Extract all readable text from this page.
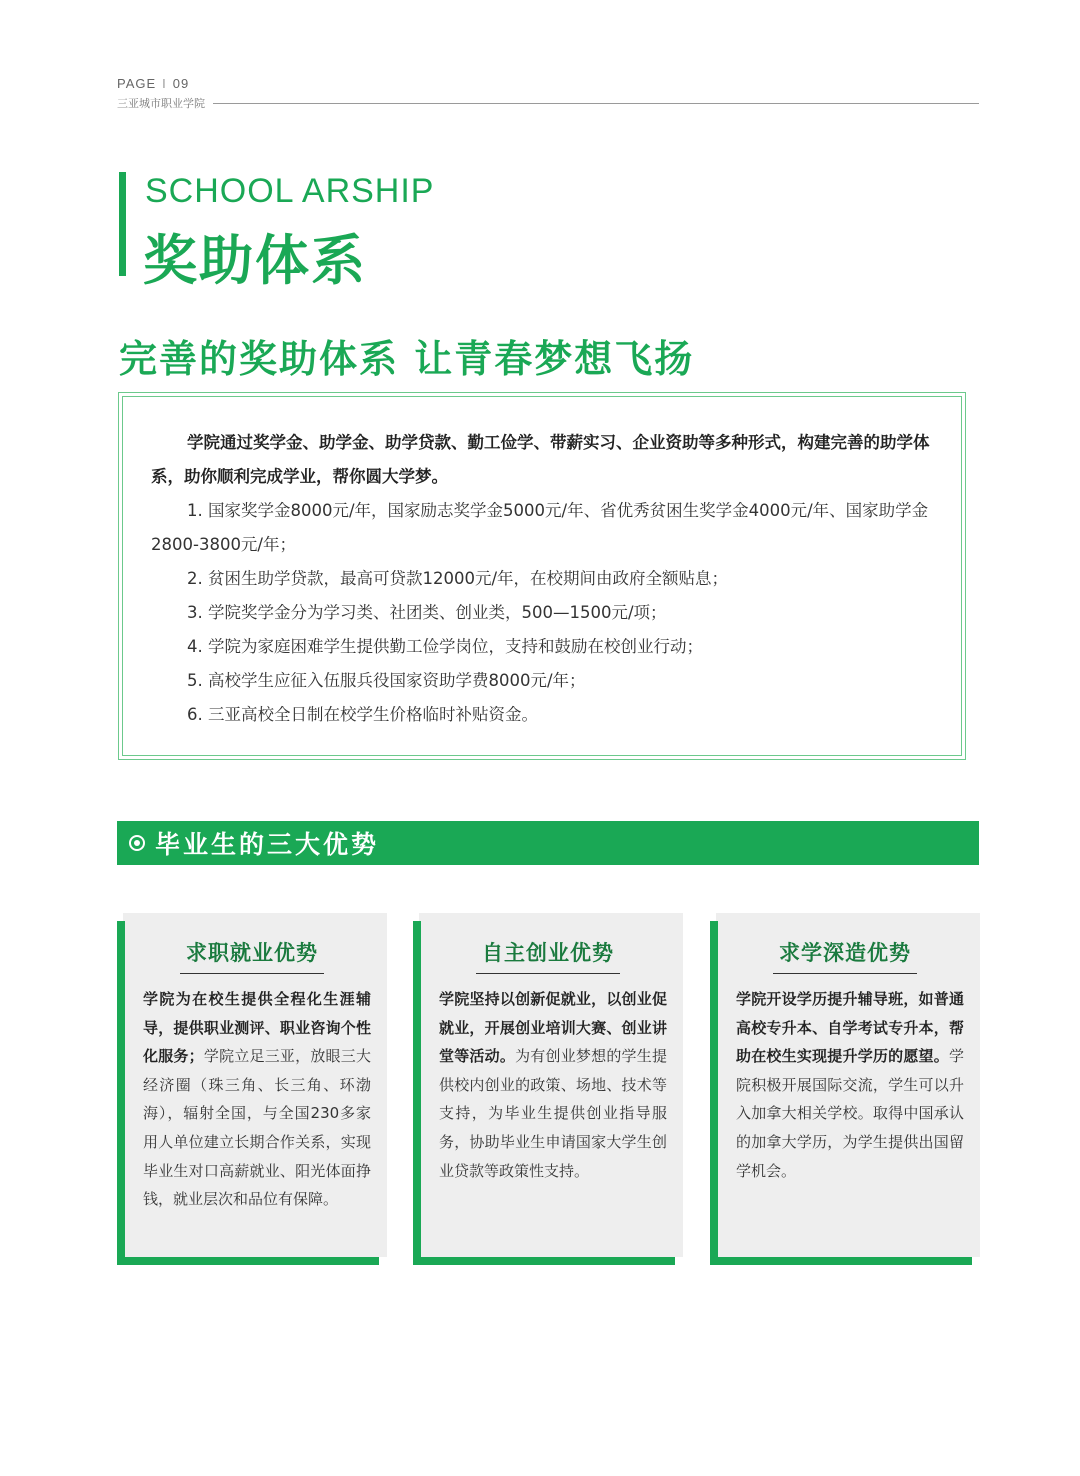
PAGE I 09
三亚城市职业学院
SCHOOL ARSHIP
奖助体系
完善的奖助体系 让青春梦想飞扬

学院通过奖学金、助学金、助学贷款、勤工俭学、带薪实习、企业资助等多种形式，构建完善的助学体系，助你顺利完成学业，帮你圆大学梦。

1. 国家奖学金8000元/年，国家励志奖学金5000元/年、省优秀贫困生奖学金4000元/年、国家助学金2800-3800元/年；

2. 贫困生助学贷款，最高可贷款12000元/年，在校期间由政府全额贴息；

3. 学院奖学金分为学习类、社团类、创业类，500—1500元/项；

4. 学院为家庭困难学生提供勤工俭学岗位，支持和鼓励在校创业行动；

5. 高校学生应征入伍服兵役国家资助学费8000元/年；

6. 三亚高校全日制在校学生价格临时补贴资金。

毕业生的三大优势
求职就业优势
学院为在校生提供全程化生涯辅导，提供职业测评、职业咨询个性化服务；学院立足三亚，放眼三大经济圈（珠三角、长三角、环渤海），辐射全国，与全国230多家用人单位建立长期合作关系，实现毕业生对口高薪就业、阳光体面挣钱，就业层次和品位有保障。
自主创业优势
学院坚持以创新促就业，以创业促就业，开展创业培训大赛、创业讲堂等活动。为有创业梦想的学生提供校内创业的政策、场地、技术等支持，为毕业生提供创业指导服务，协助毕业生申请国家大学生创业贷款等政策性支持。
求学深造优势
学院开设学历提升辅导班，如普通高校专升本、自学考试专升本，帮助在校生实现提升学历的愿望。学院积极开展国际交流，学生可以升入加拿大相关学校。取得中国承认的加拿大学历，为学生提供出国留学机会。
